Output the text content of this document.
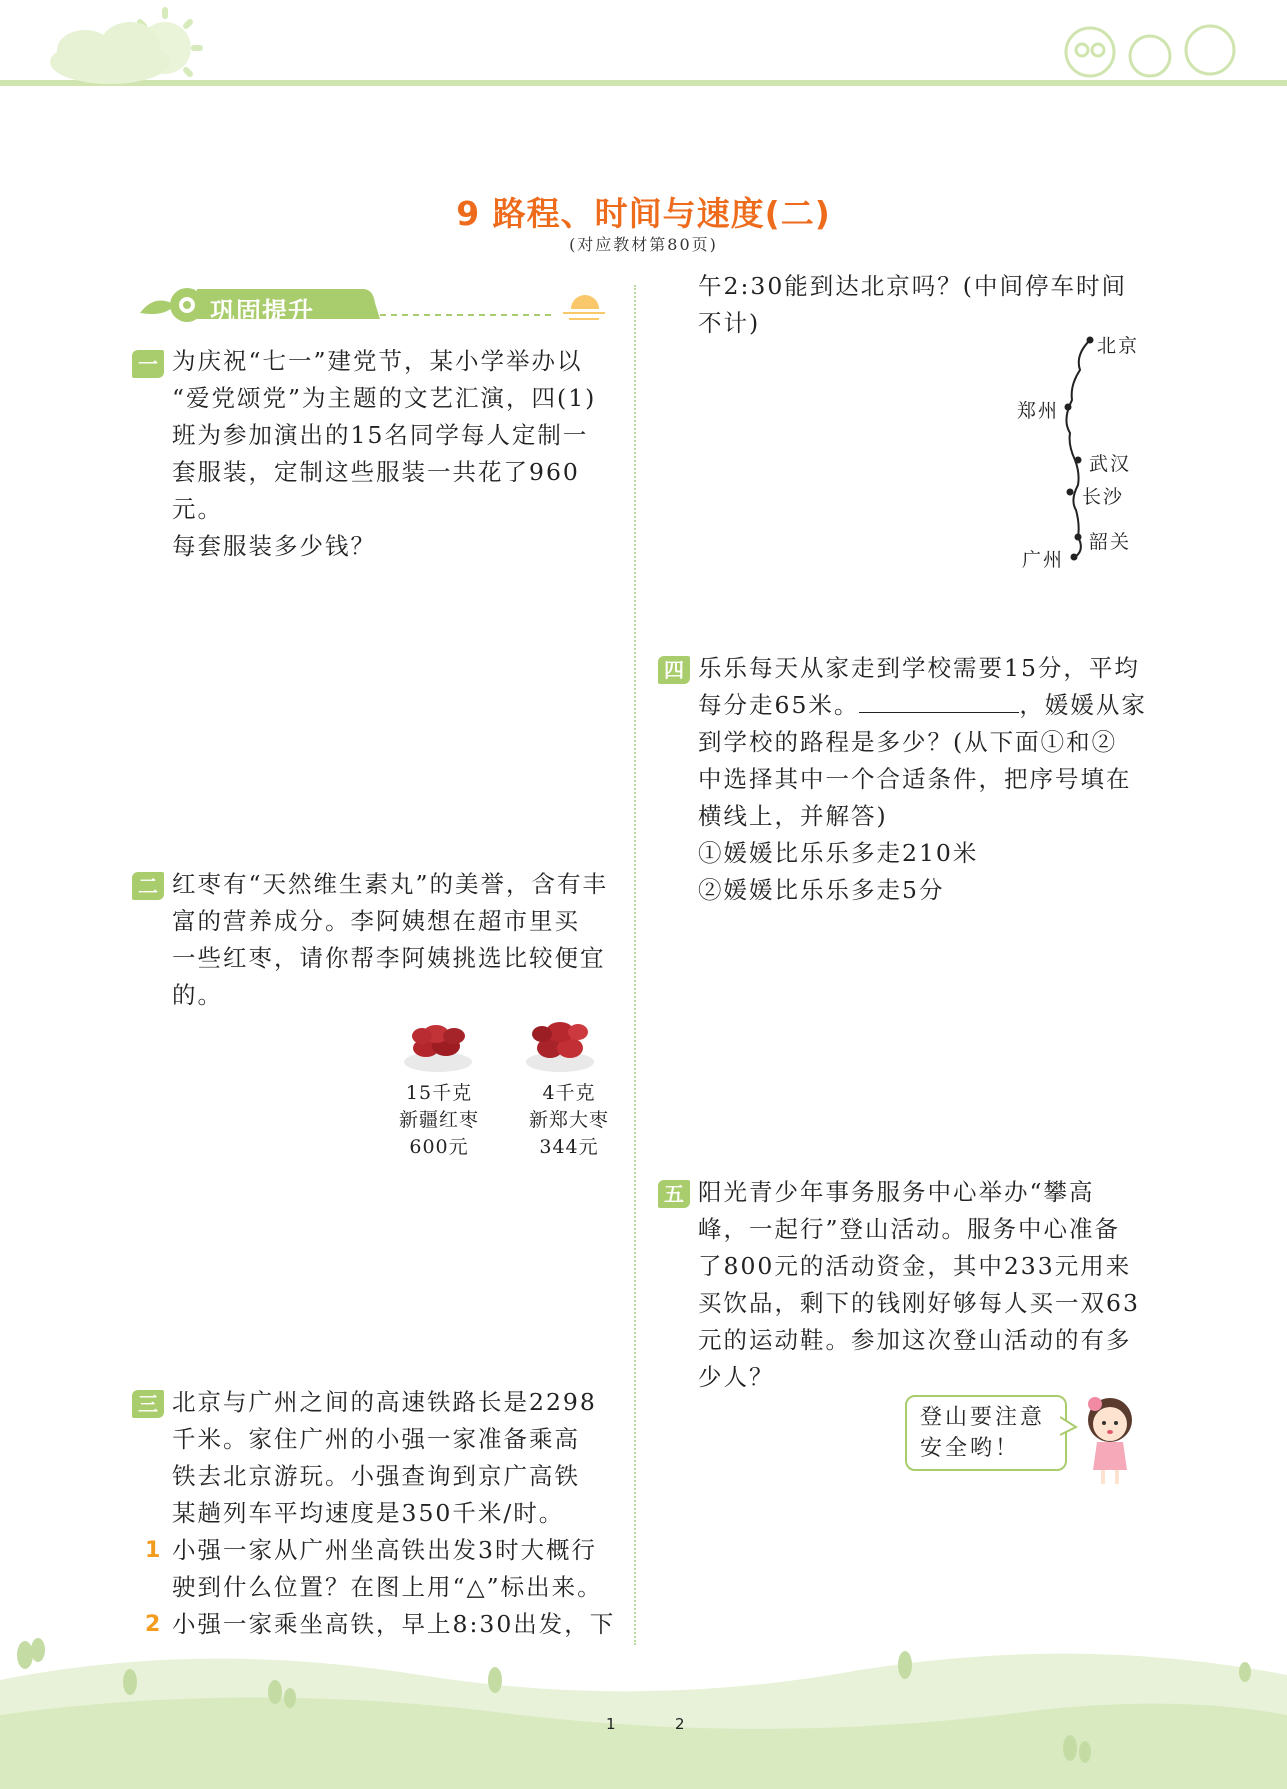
9 路程、时间与速度(二)
(对应教材第80页)
巩固提升
一 为庆祝“七一”建党节，某小学举办以
“爱党颂党”为主题的文艺汇演，四(1)
班为参加演出的15名同学每人定制一
套服装，定制这些服装一共花了960元。
每套服装多少钱？
二 红枣有“天然维生素丸”的美誉，含有丰
富的营养成分。李阿姨想在超市里买
一些红枣，请你帮李阿姨挑选比较便宜
的。
15千克
新疆红枣
600元
4千克
新郑大枣
344元
三 北京与广州之间的高速铁路长是2298
千米。家住广州的小强一家准备乘高
铁去北京游玩。小强查询到京广高铁
某趟列车平均速度是350千米/时。
1 小强一家从广州坐高铁出发3时大概行
驶到什么位置？在图上用“△”标出来。
2 小强一家乘坐高铁，早上8:30出发，下
午2:30能到达北京吗？(中间停车时间
不计)
北京
郑州
武汉
长沙
韶关
广州
四 乐乐每天从家走到学校需要15分，平均
每分走65米。	，媛媛从家
到学校的路程是多少？(从下面①和②
中选择其中一个合适条件，把序号填在
横线上，并解答)
①媛媛比乐乐多走210米
②媛媛比乐乐多走5分
五 阳光青少年事务服务中心举办“攀高
峰，一起行”登山活动。服务中心准备
了800元的活动资金，其中233元用来
买饮品，剩下的钱刚好够每人买一双63
元的运动鞋。参加这次登山活动的有多
少人？
登山要注意
安全哟！
1	2
